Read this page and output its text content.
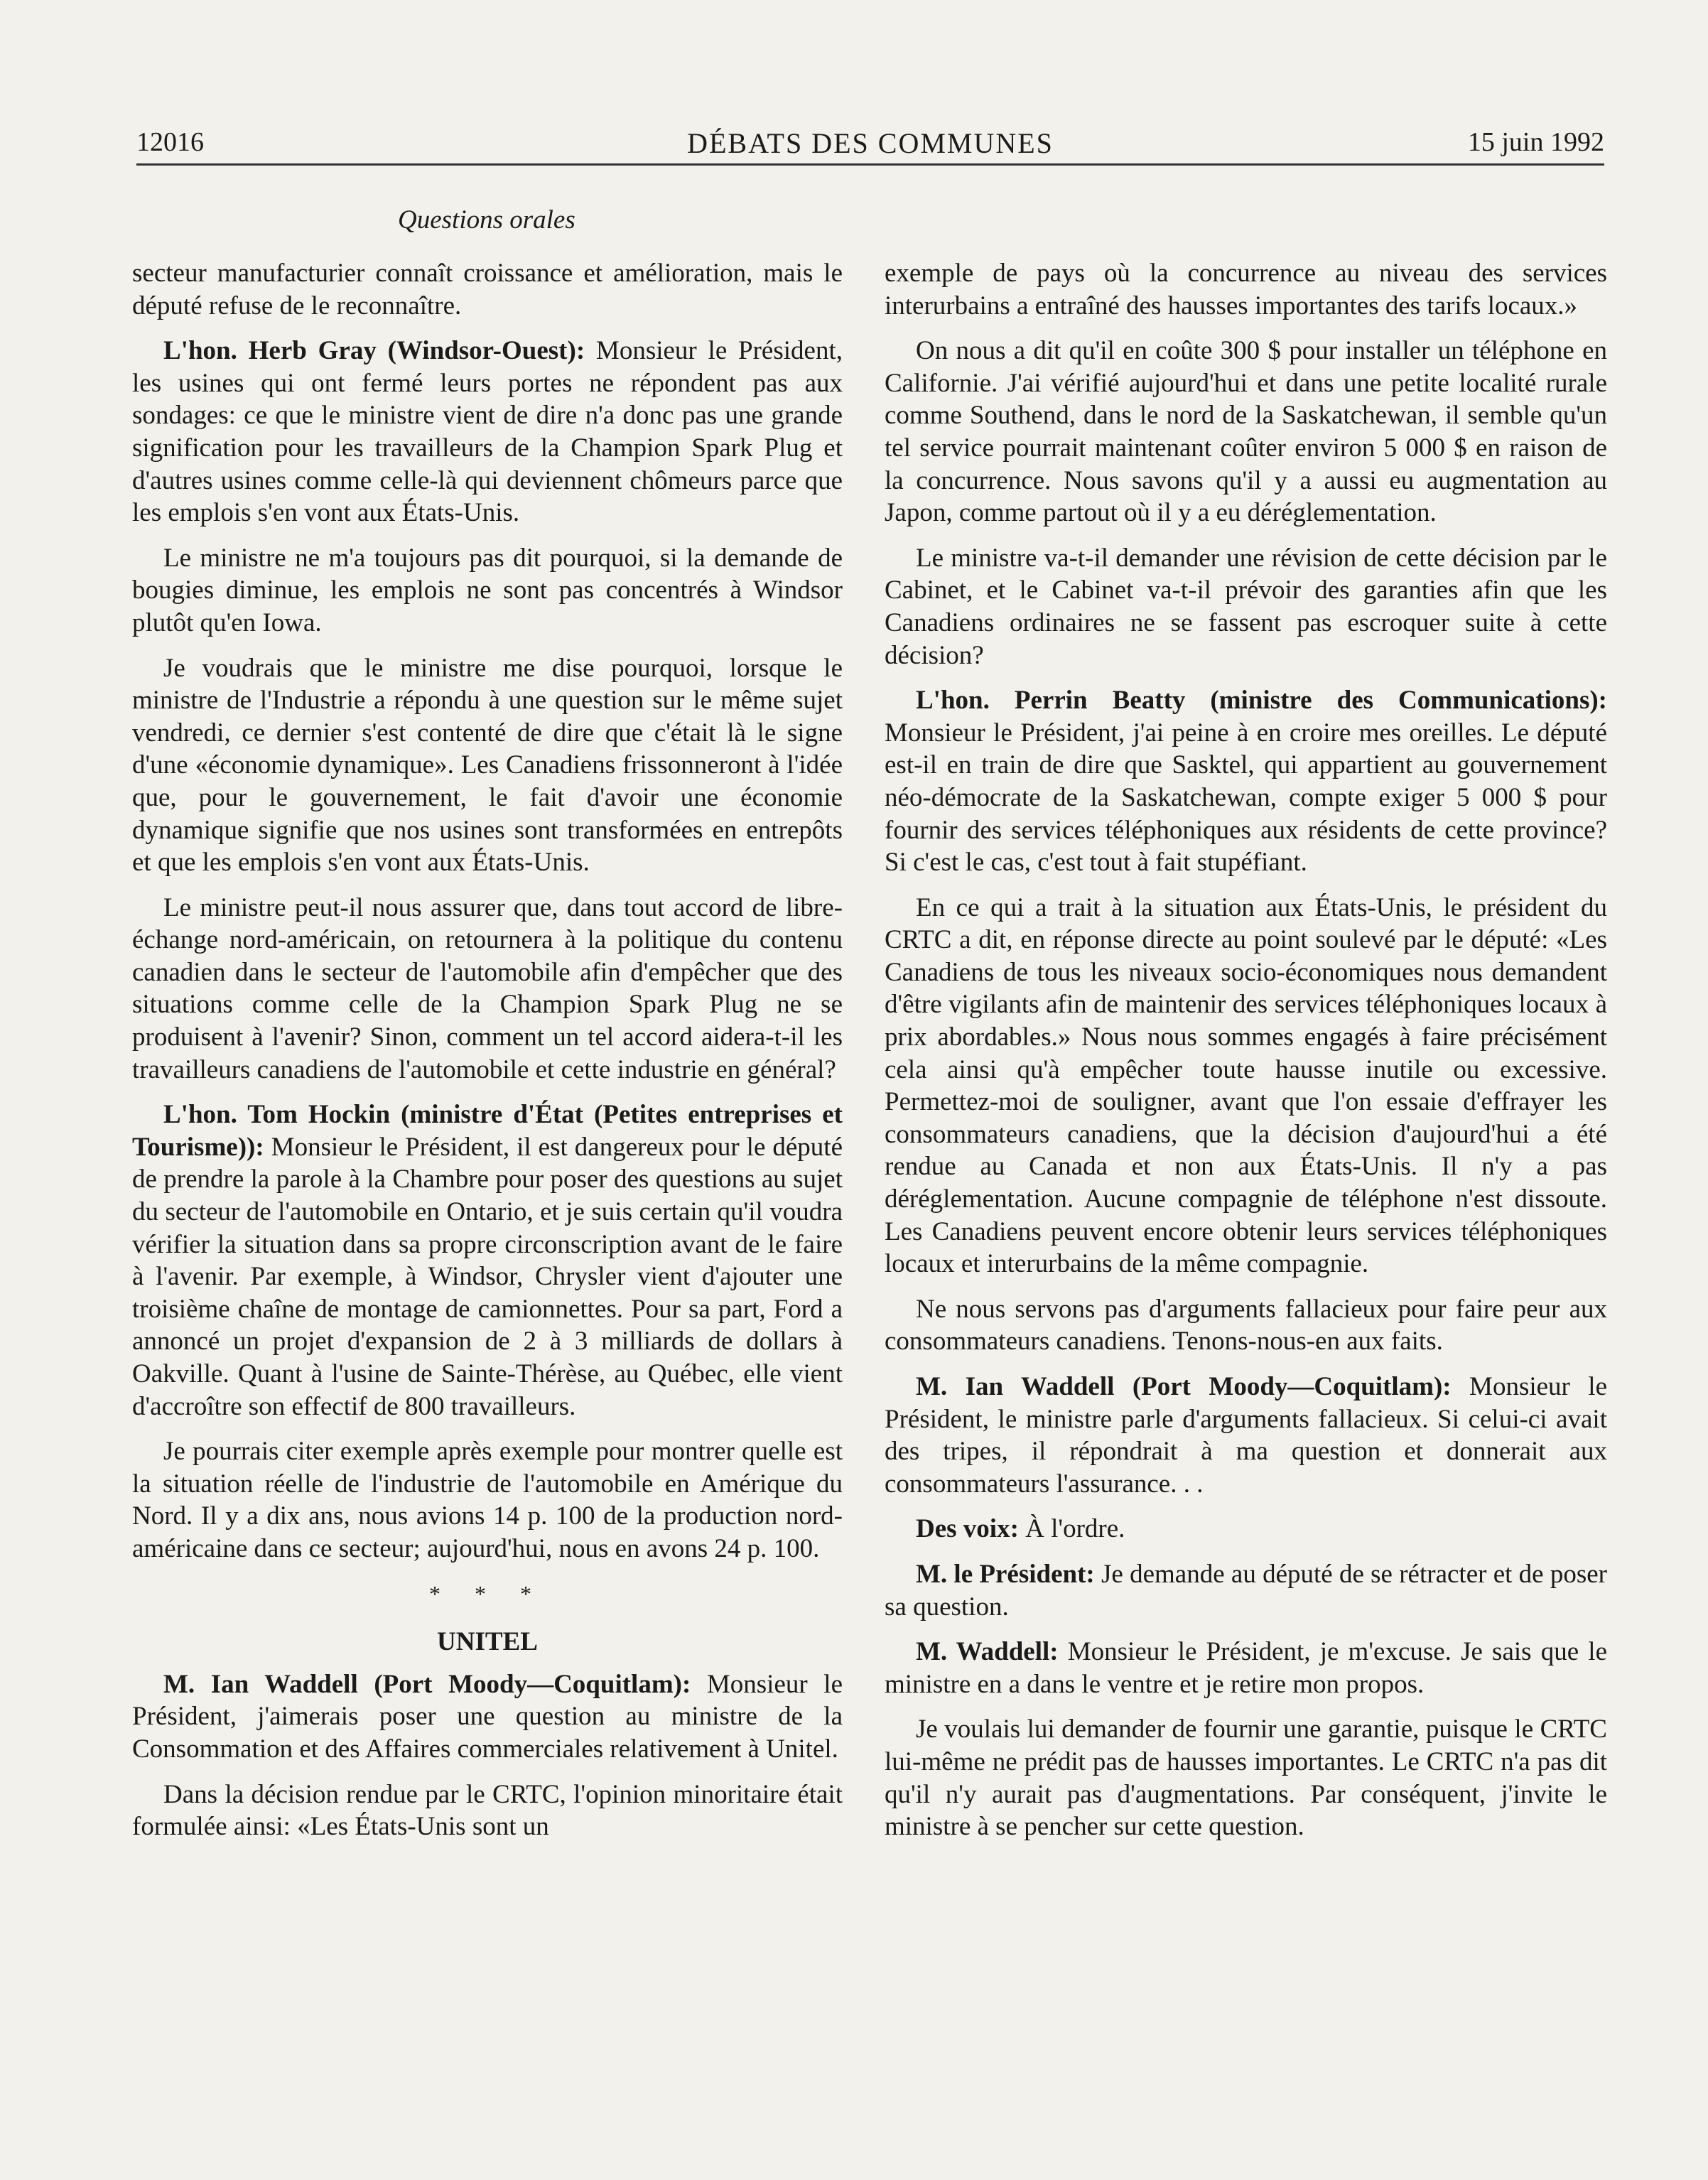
12016	DÉBATS DES COMMUNES	15 juin 1992
Questions orales

secteur manufacturier connaît croissance et amélioration, mais le député refuse de le reconnaître.

L'hon. Herb Gray (Windsor-Ouest): Monsieur le Président, les usines qui ont fermé leurs portes ne répondent pas aux sondages: ce que le ministre vient de dire n'a donc pas une grande signification pour les travailleurs de la Champion Spark Plug et d'autres usines comme celle-là qui deviennent chômeurs parce que les emplois s'en vont aux États-Unis.

Le ministre ne m'a toujours pas dit pourquoi, si la demande de bougies diminue, les emplois ne sont pas concentrés à Windsor plutôt qu'en Iowa.

Je voudrais que le ministre me dise pourquoi, lorsque le ministre de l'Industrie a répondu à une question sur le même sujet vendredi, ce dernier s'est contenté de dire que c'était là le signe d'une «économie dynamique». Les Canadiens frissonneront à l'idée que, pour le gouvernement, le fait d'avoir une économie dynamique signifie que nos usines sont transformées en entrepôts et que les emplois s'en vont aux États-Unis.

Le ministre peut-il nous assurer que, dans tout accord de libre-échange nord-américain, on retournera à la politique du contenu canadien dans le secteur de l'automobile afin d'empêcher que des situations comme celle de la Champion Spark Plug ne se produisent à l'avenir? Sinon, comment un tel accord aidera-t-il les travailleurs canadiens de l'automobile et cette industrie en général?

L'hon. Tom Hockin (ministre d'État (Petites entreprises et Tourisme)): Monsieur le Président, il est dangereux pour le député de prendre la parole à la Chambre pour poser des questions au sujet du secteur de l'automobile en Ontario, et je suis certain qu'il voudra vérifier la situation dans sa propre circonscription avant de le faire à l'avenir. Par exemple, à Windsor, Chrysler vient d'ajouter une troisième chaîne de montage de camionnettes. Pour sa part, Ford a annoncé un projet d'expansion de 2 à 3 milliards de dollars à Oakville. Quant à l'usine de Sainte-Thérèse, au Québec, elle vient d'accroître son effectif de 800 travailleurs.

Je pourrais citer exemple après exemple pour montrer quelle est la situation réelle de l'industrie de l'automobile en Amérique du Nord. Il y a dix ans, nous avions 14 p. 100 de la production nord-américaine dans ce secteur; aujourd'hui, nous en avons 24 p. 100.

* * *
UNITEL

M. Ian Waddell (Port Moody—Coquitlam): Monsieur le Président, j'aimerais poser une question au ministre de la Consommation et des Affaires commerciales relativement à Unitel.

Dans la décision rendue par le CRTC, l'opinion minoritaire était formulée ainsi: «Les États-Unis sont un

exemple de pays où la concurrence au niveau des services interurbains a entraîné des hausses importantes des tarifs locaux.»

On nous a dit qu'il en coûte 300 $ pour installer un téléphone en Californie. J'ai vérifié aujourd'hui et dans une petite localité rurale comme Southend, dans le nord de la Saskatchewan, il semble qu'un tel service pourrait maintenant coûter environ 5 000 $ en raison de la concurrence. Nous savons qu'il y a aussi eu augmentation au Japon, comme partout où il y a eu déréglementation.

Le ministre va-t-il demander une révision de cette décision par le Cabinet, et le Cabinet va-t-il prévoir des garanties afin que les Canadiens ordinaires ne se fassent pas escroquer suite à cette décision?

L'hon. Perrin Beatty (ministre des Communications): Monsieur le Président, j'ai peine à en croire mes oreilles. Le député est-il en train de dire que Sasktel, qui appartient au gouvernement néo-démocrate de la Saskatchewan, compte exiger 5 000 $ pour fournir des services téléphoniques aux résidents de cette province? Si c'est le cas, c'est tout à fait stupéfiant.

En ce qui a trait à la situation aux États-Unis, le président du CRTC a dit, en réponse directe au point soulevé par le député: «Les Canadiens de tous les niveaux socio-économiques nous demandent d'être vigilants afin de maintenir des services téléphoniques locaux à prix abordables.» Nous nous sommes engagés à faire précisément cela ainsi qu'à empêcher toute hausse inutile ou excessive. Permettez-moi de souligner, avant que l'on essaie d'effrayer les consommateurs canadiens, que la décision d'aujourd'hui a été rendue au Canada et non aux États-Unis. Il n'y a pas déréglementation. Aucune compagnie de téléphone n'est dissoute. Les Canadiens peuvent encore obtenir leurs services téléphoniques locaux et interurbains de la même compagnie.

Ne nous servons pas d'arguments fallacieux pour faire peur aux consommateurs canadiens. Tenons-nous-en aux faits.

M. Ian Waddell (Port Moody—Coquitlam): Monsieur le Président, le ministre parle d'arguments fallacieux. Si celui-ci avait des tripes, il répondrait à ma question et donnerait aux consommateurs l'assurance. . .

Des voix: À l'ordre.

M. le Président: Je demande au député de se rétracter et de poser sa question.

M. Waddell: Monsieur le Président, je m'excuse. Je sais que le ministre en a dans le ventre et je retire mon propos.

Je voulais lui demander de fournir une garantie, puisque le CRTC lui-même ne prédit pas de hausses importantes. Le CRTC n'a pas dit qu'il n'y aurait pas d'augmentations. Par conséquent, j'invite le ministre à se pencher sur cette question.
